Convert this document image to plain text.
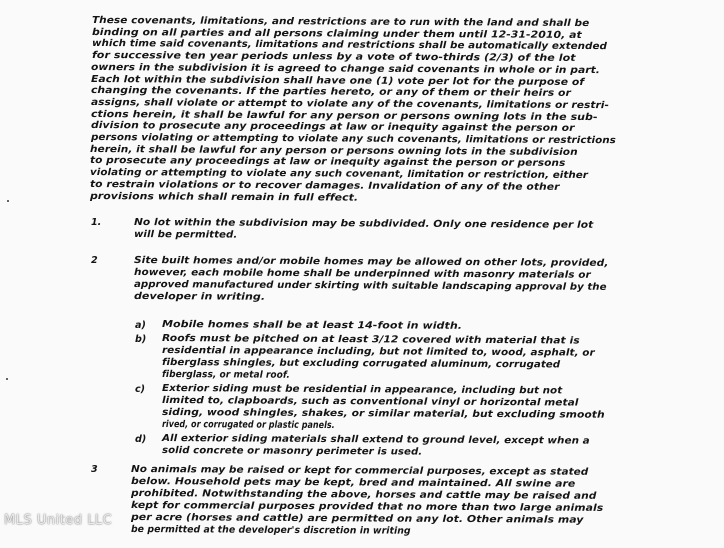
These covenants, limitations, and restrictions are to run with the land and shall be
binding on all parties and all persons claiming under them until 12-31-2010, at
which time said covenants, limitations and restrictions shall be automatically extended
for successive ten year periods unless by a vote of two-thirds (2/3) of the lot
owners in the subdivision it is agreed to change said covenants in whole or in part.
Each lot within the subdivision shall have one (1) vote per lot for the purpose of
changing the covenants. If the parties hereto, or any of them or their heirs or
assigns, shall violate or attempt to violate any of the covenants, limitations or restri-
ctions herein, it shall be lawful for any person or persons owning lots in the sub-
division to prosecute any proceedings at law or inequity against the person or
persons violating or attempting to violate any such covenants, limitations or restrictions
herein, it shall be lawful for any person or persons owning lots in the subdivision
to prosecute any proceedings at law or inequity against the person or persons
violating or attempting to violate any such covenant, limitation or restriction, either
to restrain violations or to recover damages. Invalidation of any of the other
provisions which shall remain in full effect.
1.	No lot within the subdivision may be subdivided. Only one residence per lot
will be permitted.
2	Site built homes and/or mobile homes may be allowed on other lots, provided,
however, each mobile home shall be underpinned with masonry materials or
approved manufactured under skirting with suitable landscaping approval by the
developer in writing.
a) Mobile homes shall be at least 14-foot in width.
b) Roofs must be pitched on at least 3/12 covered with material that is
residential in appearance including, but not limited to, wood, asphalt, or
fiberglass shingles, but excluding corrugated aluminum, corrugated
fiberglass, or metal roof.
c) Exterior siding must be residential in appearance, including but not
limited to, clapboards, such as conventional vinyl or horizontal metal
siding, wood shingles, shakes, or similar material, but excluding smooth
rived, or corrugated or plastic panels.
d) All exterior siding materials shall extend to ground level, except when a
solid concrete or masonry perimeter is used.
3	No animals may be raised or kept for commercial purposes, except as stated
below. Household pets may be kept, bred and maintained. All swine are
prohibited. Notwithstanding the above, horses and cattle may be raised and
kept for commercial purposes provided that no more than two large animals
per acre (horses and cattle) are permitted on any lot. Other animals may
be permitted at the developer's discretion in writing
MLS United LLC
